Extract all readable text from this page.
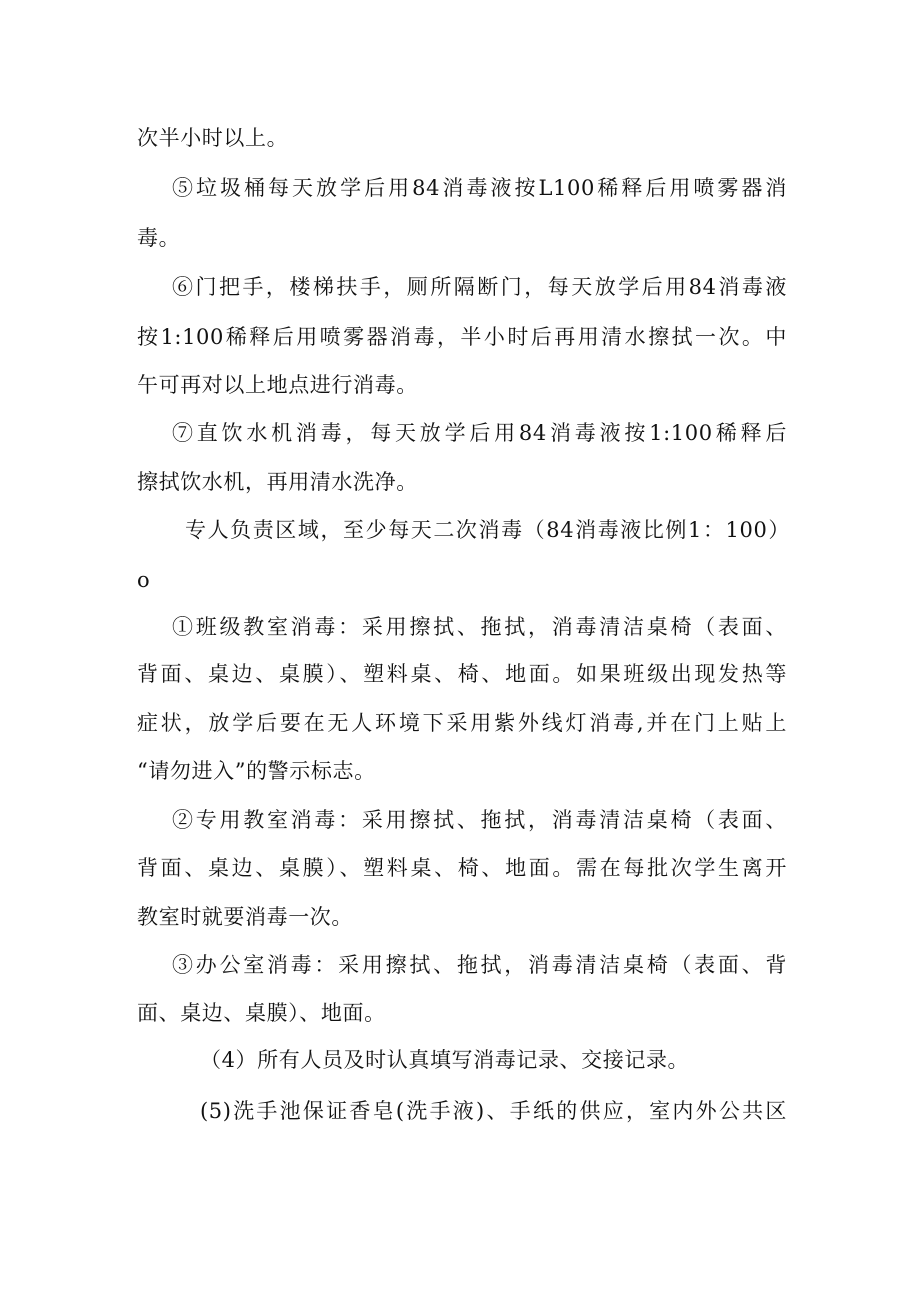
次半小时以上。
⑤垃圾桶每天放学后用84消毒液按L100稀释后用喷雾器消
毒。
⑥门把手，楼梯扶手，厕所隔断门，每天放学后用84消毒液
按1:100稀释后用喷雾器消毒，半小时后再用清水擦拭一次。中
午可再对以上地点进行消毒。
⑦直饮水机消毒，每天放学后用84消毒液按1:100稀释后
擦拭饮水机，再用清水洗净。
专人负责区域，至少每天二次消毒（84消毒液比例1：100）
o
①班级教室消毒：采用擦拭、拖拭，消毒清洁桌椅（表面、
背面、桌边、桌膜）、塑料桌、椅、地面。如果班级出现发热等
症状，放学后要在无人环境下采用紫外线灯消毒,并在门上贴上
“请勿进入”的警示标志。
②专用教室消毒：采用擦拭、拖拭，消毒清洁桌椅（表面、
背面、桌边、桌膜）、塑料桌、椅、地面。需在每批次学生离开
教室时就要消毒一次。
③办公室消毒：采用擦拭、拖拭，消毒清洁桌椅（表面、背
面、桌边、桌膜）、地面。
（4）所有人员及时认真填写消毒记录、交接记录。
(5)洗手池保证香皂(洗手液)、手纸的供应，室内外公共区
